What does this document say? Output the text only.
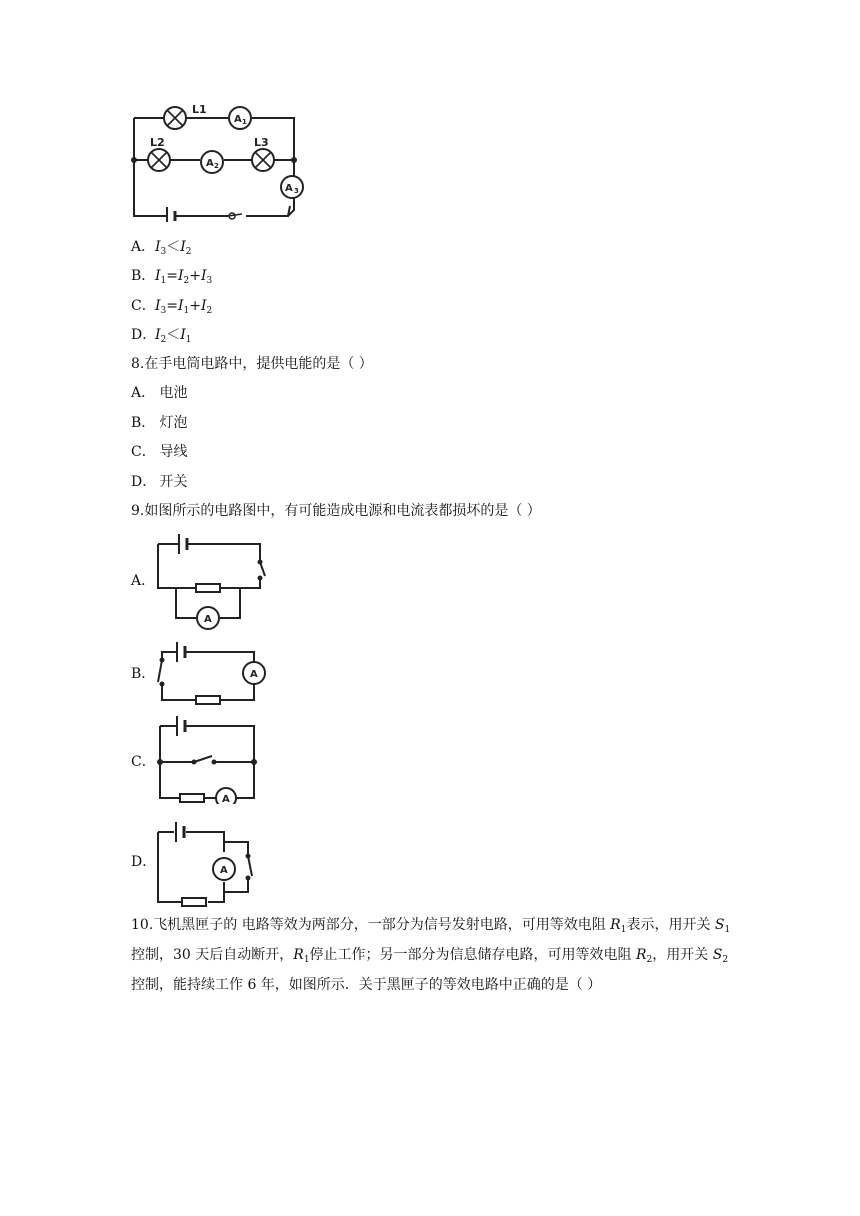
A 1
A 2
A 3
L1
L2	L3
A．$I_3<I_2$
B．$I_1=I_2+I_3$
C．$I_3=I_1+I_2$
D．$I_2<I_1$
8.在手电筒电路中，提供电能的是（ ）
A． 电池
B． 灯泡
C． 导线
D． 开关
9.如图所示的电路图中，有可能造成电源和电流表都损坏的是（ ）
A．
A
B．	A
C．
A
D．
A
10.飞机黑匣子的 电路等效为两部分，一部分为信号发射电路，可用等效电阻 $R_1$表示，用开关 $S_1$控制，30 天后自动断开，$R_1$停止工作；另一部分为信息储存电路，可用等效电阻 $R_2$，用开关 $S_2$控制，能持续工作 6 年，如图所示．关于黑匣子的等效电路中正确的是（ ）
